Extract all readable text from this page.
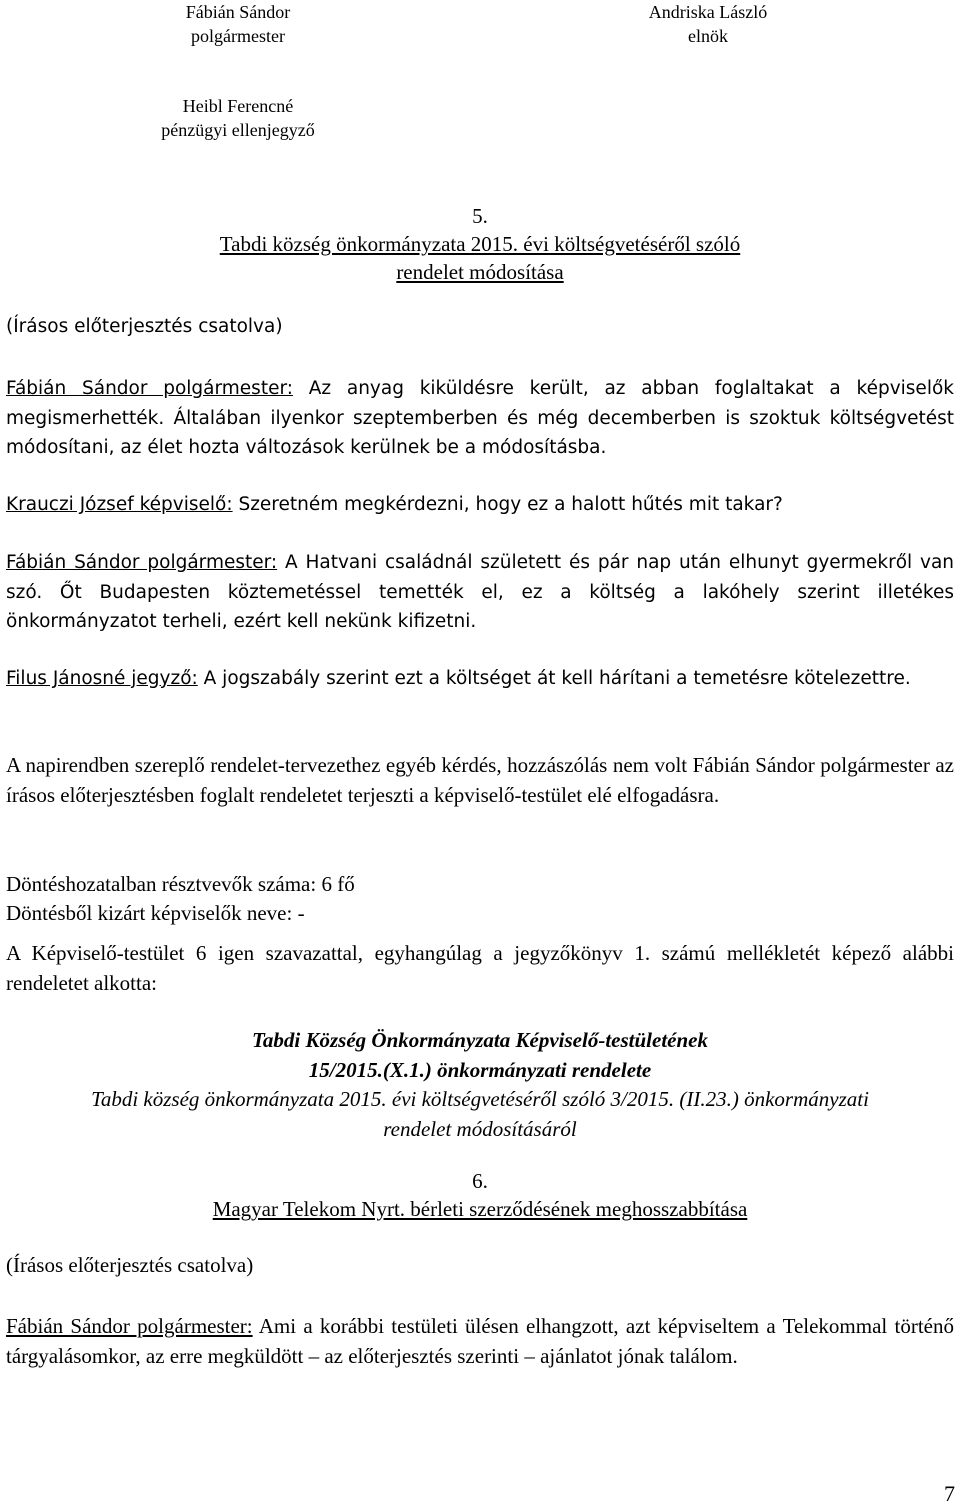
Fábián Sándor
polgármester
Andriska László
elnök
Heibl Ferencné
pénzügyi ellenjegyző
5.
Tabdi község önkormányzata 2015. évi költségvetéséről szóló
rendelet módosítása
(Írásos előterjesztés csatolva)

Fábián Sándor polgármester: Az anyag kiküldésre került, az abban foglaltakat a képviselők megismerhették. Általában ilyenkor szeptemberben és még decemberben is szoktuk költségvetést módosítani, az élet hozta változások kerülnek be a módosításba.

Krauczi József képviselő: Szeretném megkérdezni, hogy ez a halott hűtés mit takar?

Fábián Sándor polgármester: A Hatvani családnál született és pár nap után elhunyt gyermekről van szó. Őt Budapesten köztemetéssel temették el, ez a költség a lakóhely szerint illetékes önkormányzatot terheli, ezért kell nekünk kifizetni.

Filus Jánosné jegyző: A jogszabály szerint ezt a költséget át kell hárítani a temetésre kötelezettre.

A napirendben szereplő rendelet-tervezethez egyéb kérdés, hozzászólás nem volt Fábián Sándor polgármester az írásos előterjesztésben foglalt rendeletet terjeszti a képviselő-testület elé elfogadásra.

Döntéshozatalban résztvevők száma: 6 fő
Döntésből kizárt képviselők neve: -

A Képviselő-testület 6 igen szavazattal, egyhangúlag a jegyzőkönyv 1. számú mellékletét képező alábbi rendeletet alkotta:

Tabdi Község Önkormányzata Képviselő-testületének
15/2015.(X.1.) önkormányzati rendelete
Tabdi község önkormányzata 2015. évi költségvetéséről szóló 3/2015. (II.23.) önkormányzati
rendelet módosításáról
6.
Magyar Telekom Nyrt. bérleti szerződésének meghosszabbítása
(Írásos előterjesztés csatolva)

Fábián Sándor polgármester: Ami a korábbi testületi ülésen elhangzott, azt képviseltem a Telekommal történő tárgyalásomkor, az erre megküldött – az előterjesztés szerinti – ajánlatot jónak találom.

7
